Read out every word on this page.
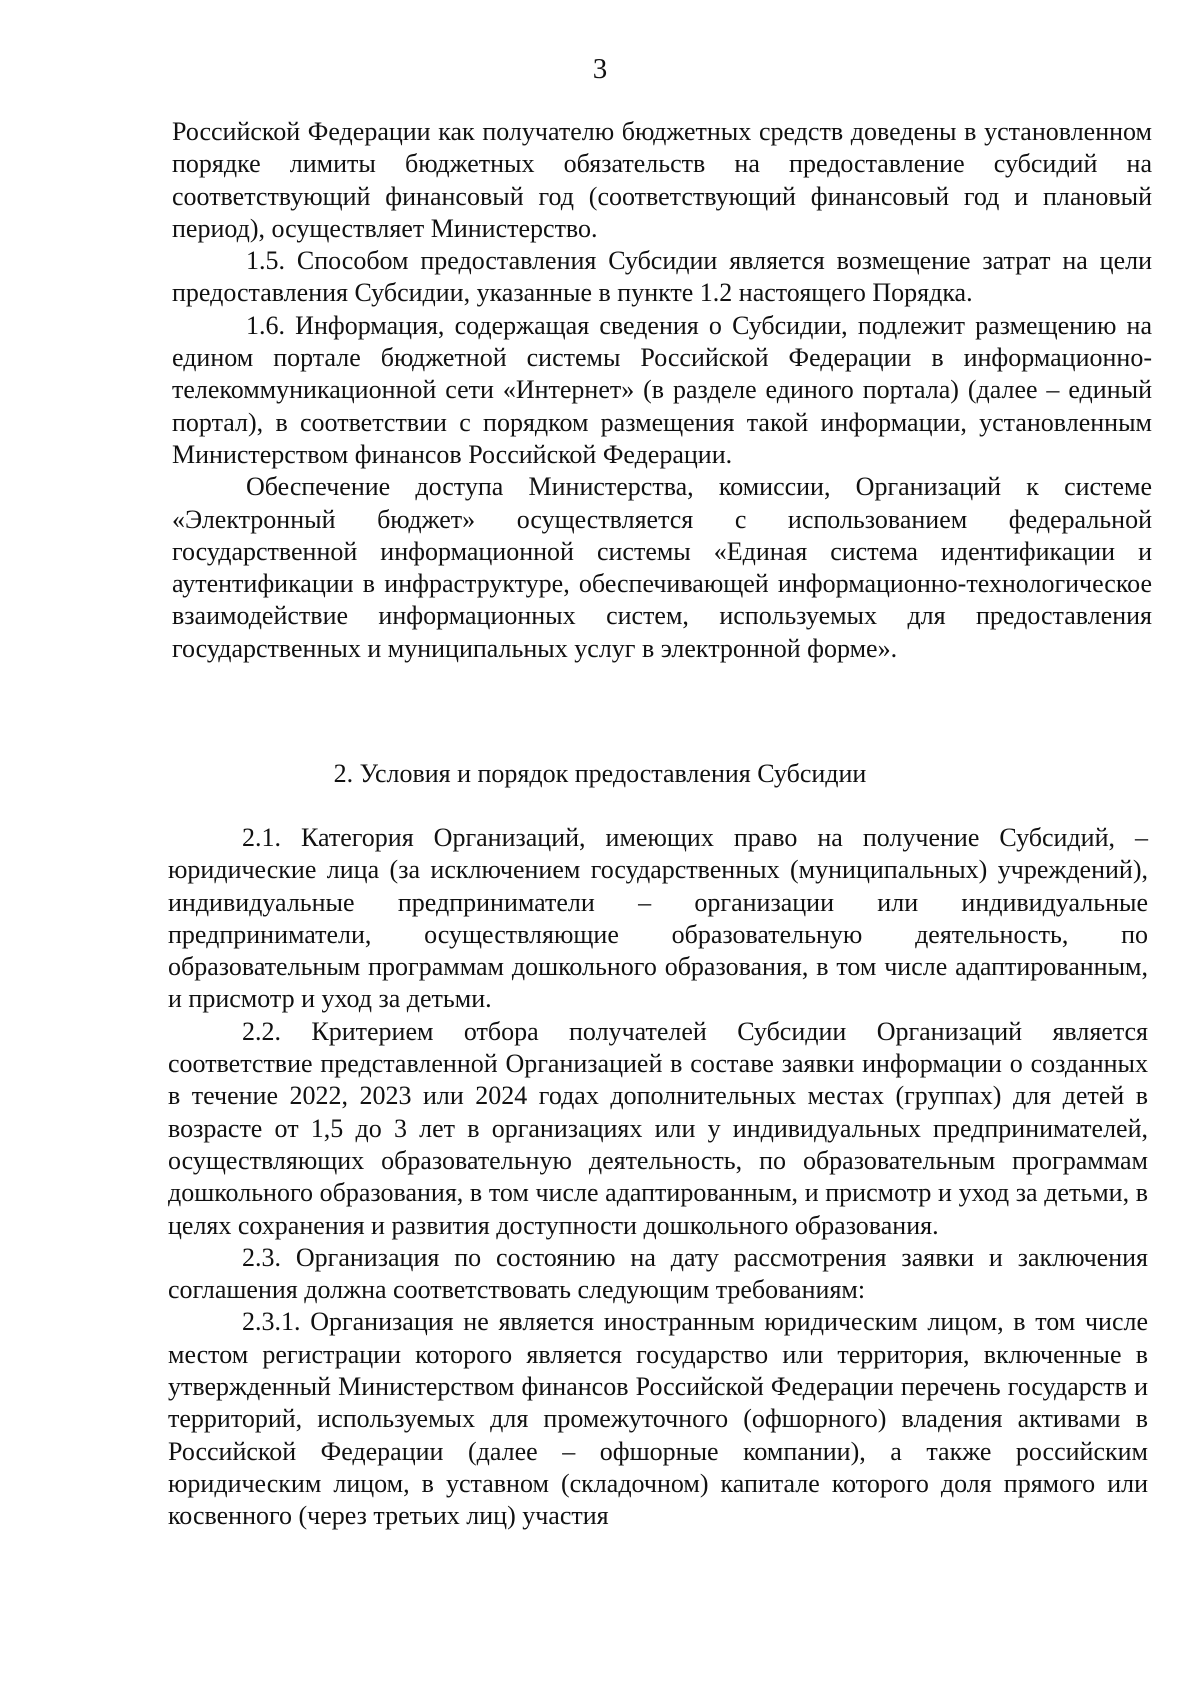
3

Российской Федерации как получателю бюджетных средств доведены в установленном порядке лимиты бюджетных обязательств на предоставление субсидий на соответствующий финансовый год (соответствующий финансовый год и плановый период), осуществляет Министерство.

1.5. Способом предоставления Субсидии является возмещение затрат на цели предоставления Субсидии, указанные в пункте 1.2 настоящего Порядка.

1.6. Информация, содержащая сведения о Субсидии, подлежит размещению на едином портале бюджетной системы Российской Федерации в информационно-телекоммуникационной сети «Интернет» (в разделе единого портала) (далее – единый портал), в соответствии с порядком размещения такой информации, установленным Министерством финансов Российской Федерации.

Обеспечение доступа Министерства, комиссии, Организаций к системе «Электронный бюджет» осуществляется с использованием федеральной государственной информационной системы «Единая система идентификации и аутентификации в инфраструктуре, обеспечивающей информационно-технологическое взаимодействие информационных систем, используемых для предоставления государственных и муниципальных услуг в электронной форме».

2. Условия и порядок предоставления Субсидии

2.1. Категория Организаций, имеющих право на получение Субсидий, – юридические лица (за исключением государственных (муниципальных) учреждений), индивидуальные предприниматели – организации или индивидуальные предприниматели, осуществляющие образовательную деятельность, по образовательным программам дошкольного образования, в том числе адаптированным, и присмотр и уход за детьми.

2.2. Критерием отбора получателей Субсидии Организаций является соответствие представленной Организацией в составе заявки информации о созданных в течение 2022, 2023 или 2024 годах дополнительных местах (группах) для детей в возрасте от 1,5 до 3 лет в организациях или у индивидуальных предпринимателей, осуществляющих образовательную деятельность, по образовательным программам дошкольного образования, в том числе адаптированным, и присмотр и уход за детьми, в целях сохранения и развития доступности дошкольного образования.

2.3. Организация по состоянию на дату рассмотрения заявки и заключения соглашения должна соответствовать следующим требованиям:

2.3.1. Организация не является иностранным юридическим лицом, в том числе местом регистрации которого является государство или территория, включенные в утвержденный Министерством финансов Российской Федерации перечень государств и территорий, используемых для промежуточного (офшорного) владения активами в Российской Федерации (далее – офшорные компании), а также российским юридическим лицом, в уставном (складочном) капитале которого доля прямого или косвенного (через третьих лиц) участия
